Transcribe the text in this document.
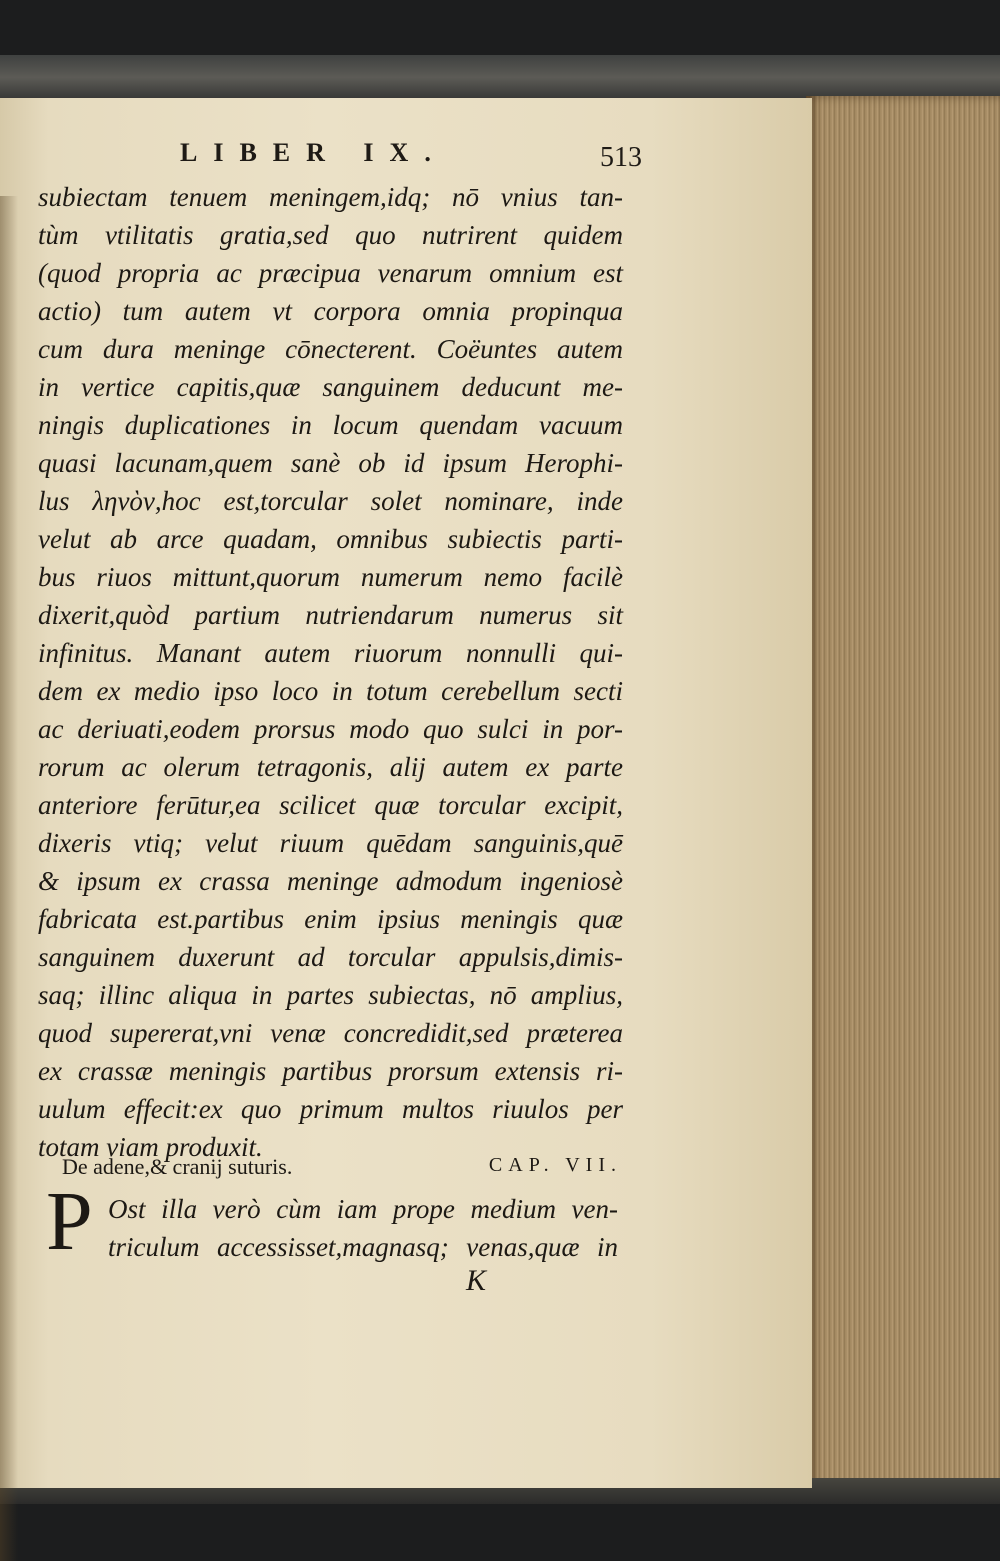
LIBER IX.	513
subiectam tenuem meningem,idq; nō vnius tan-
tùm vtilitatis gratia,sed quo nutrirent quidem
(quod propria ac præcipua venarum omnium est
actio) tum autem vt corpora omnia propinqua
cum dura meninge cōnecterent. Coëuntes autem
in vertice capitis,quæ sanguinem deducunt me-
ningis duplicationes in locum quendam vacuum
quasi lacunam,quem sanè ob id ipsum Herophi-
lus ληνὸν,hoc est,torcular solet nominare, inde
velut ab arce quadam, omnibus subiectis parti-
bus riuos mittunt,quorum numerum nemo facilè
dixerit,quòd partium nutriendarum numerus sit
infinitus. Manant autem riuorum nonnulli qui-
dem ex medio ipso loco in totum cerebellum secti
ac deriuati,eodem prorsus modo quo sulci in por-
rorum ac olerum tetragonis, alij autem ex parte
anteriore ferūtur,ea scilicet quæ torcular excipit,
dixeris vtiq; velut riuum quēdam sanguinis,quē
& ipsum ex crassa meninge admodum ingeniosè
fabricata est.partibus enim ipsius meningis quæ
sanguinem duxerunt ad torcular appulsis,dimis-
saq; illinc aliqua in partes subiectas, nō amplius,
quod supererat,vni venæ concredidit,sed præterea
ex crassæ meningis partibus prorsum extensis ri-
uulum effecit:ex quo primum multos riuulos per
totam viam produxit.
De adene,& cranij suturis.	CAP. VII.
P Ost illa verò cùm iam prope medium ven-
triculum accessisset,magnasq; venas,quæ in
K
